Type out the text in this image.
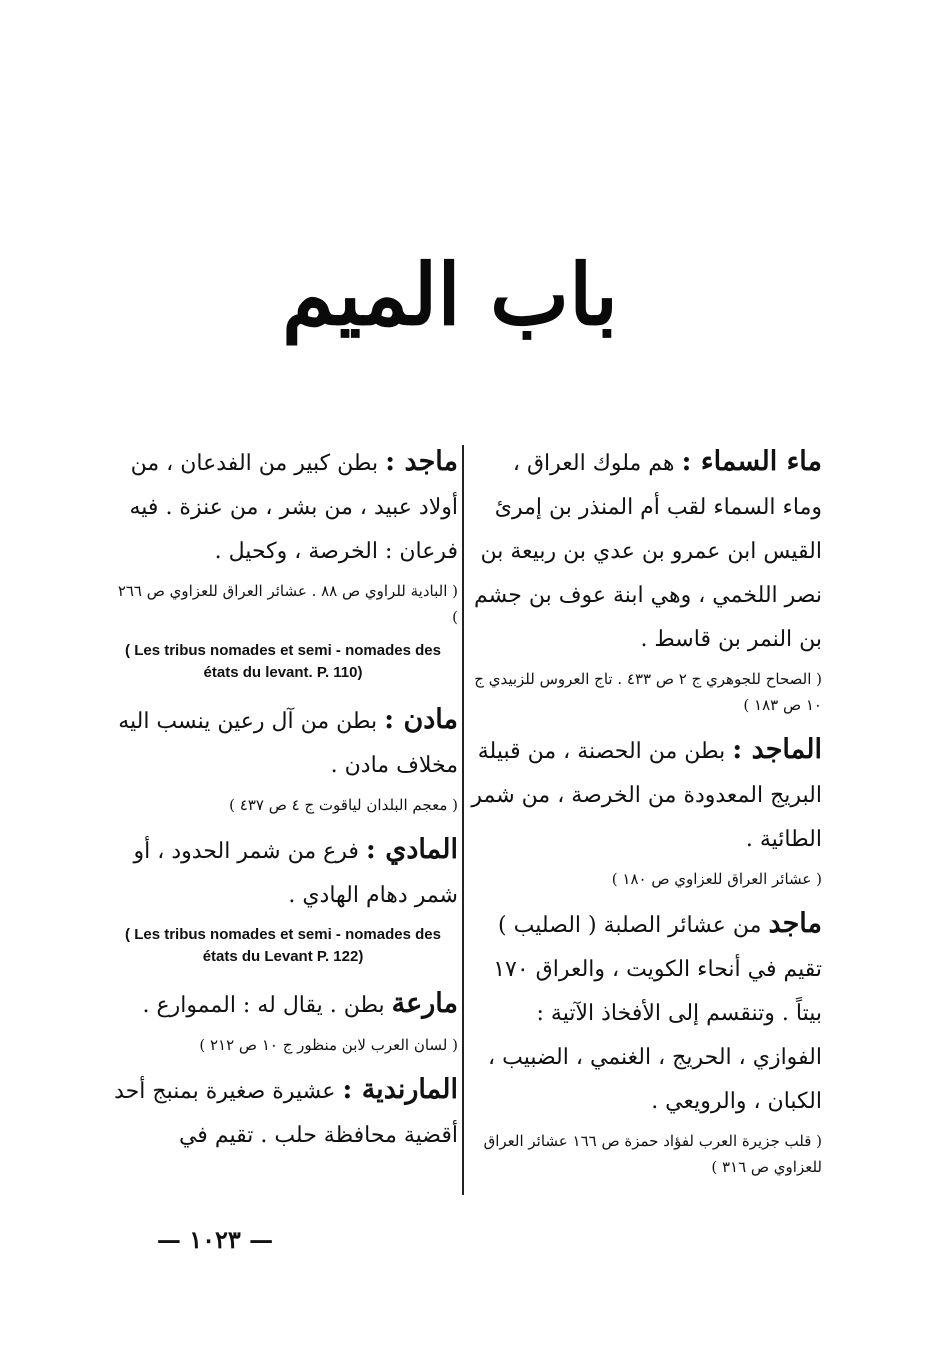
باب الميم
ماء السماء : هم ملوك العراق ، وماء السماء لقب أم المنذر بن إمرئ القيس ابن عمرو بن عدي بن ربيعة بن نصر اللخمي ، وهي ابنة عوف بن جشم بن النمر بن قاسط .
( الصحاح للجوهري ج ٢ ص ٤٣٣ . تاج العروس للزبيدي ج ١٠ ص ١٨٣ )
الماجد : بطن من الحصنة ، من قبيلة البريج المعدودة من الخرصة ، من شمر الطائية .
( عشائر العراق للعزاوي ص ١٨٠ )
ماجد من عشائر الصلبة ( الصليب ) تقيم في أنحاء الكويت ، والعراق ١٧٠ بيتاً . وتنقسم إلى الأفخاذ الآتية : الفوازي ، الحريج ، الغنمي ، الضبيب ، الكبان ، والرويعي .
( قلب جزيرة العرب لفؤاد حمزة ص ١٦٦ عشائر العراق للعزاوي ص ٣١٦ )
ماجد : بطن كبير من الفدعان ، من أولاد عبيد ، من بشر ، من عنزة . فيه فرعان : الخرصة ، وكحيل .
( البادية للراوي ص ٨٨ . عشائر العراق للعزاوي ص ٢٦٦ )
( Les tribus nomades et semi - nomades des états du levant. P. 110)
مادن : بطن من آل رعين ينسب اليه مخلاف مادن .
( معجم البلدان لياقوت ج ٤ ص ٤٣٧ )
المادي : فرع من شمر الحدود ، أو شمر دهام الهادي .
( Les tribus nomades et semi - nomades des états du Levant P. 122)
مارعة بطن . يقال له : المموارع .
( لسان العرب لابن منظور ج ١٠ ص ٢١٢ )
المارندية : عشيرة صغيرة بمنبج أحد أقضية محافظة حلب . تقيم في
— ١٠٢٣ —
